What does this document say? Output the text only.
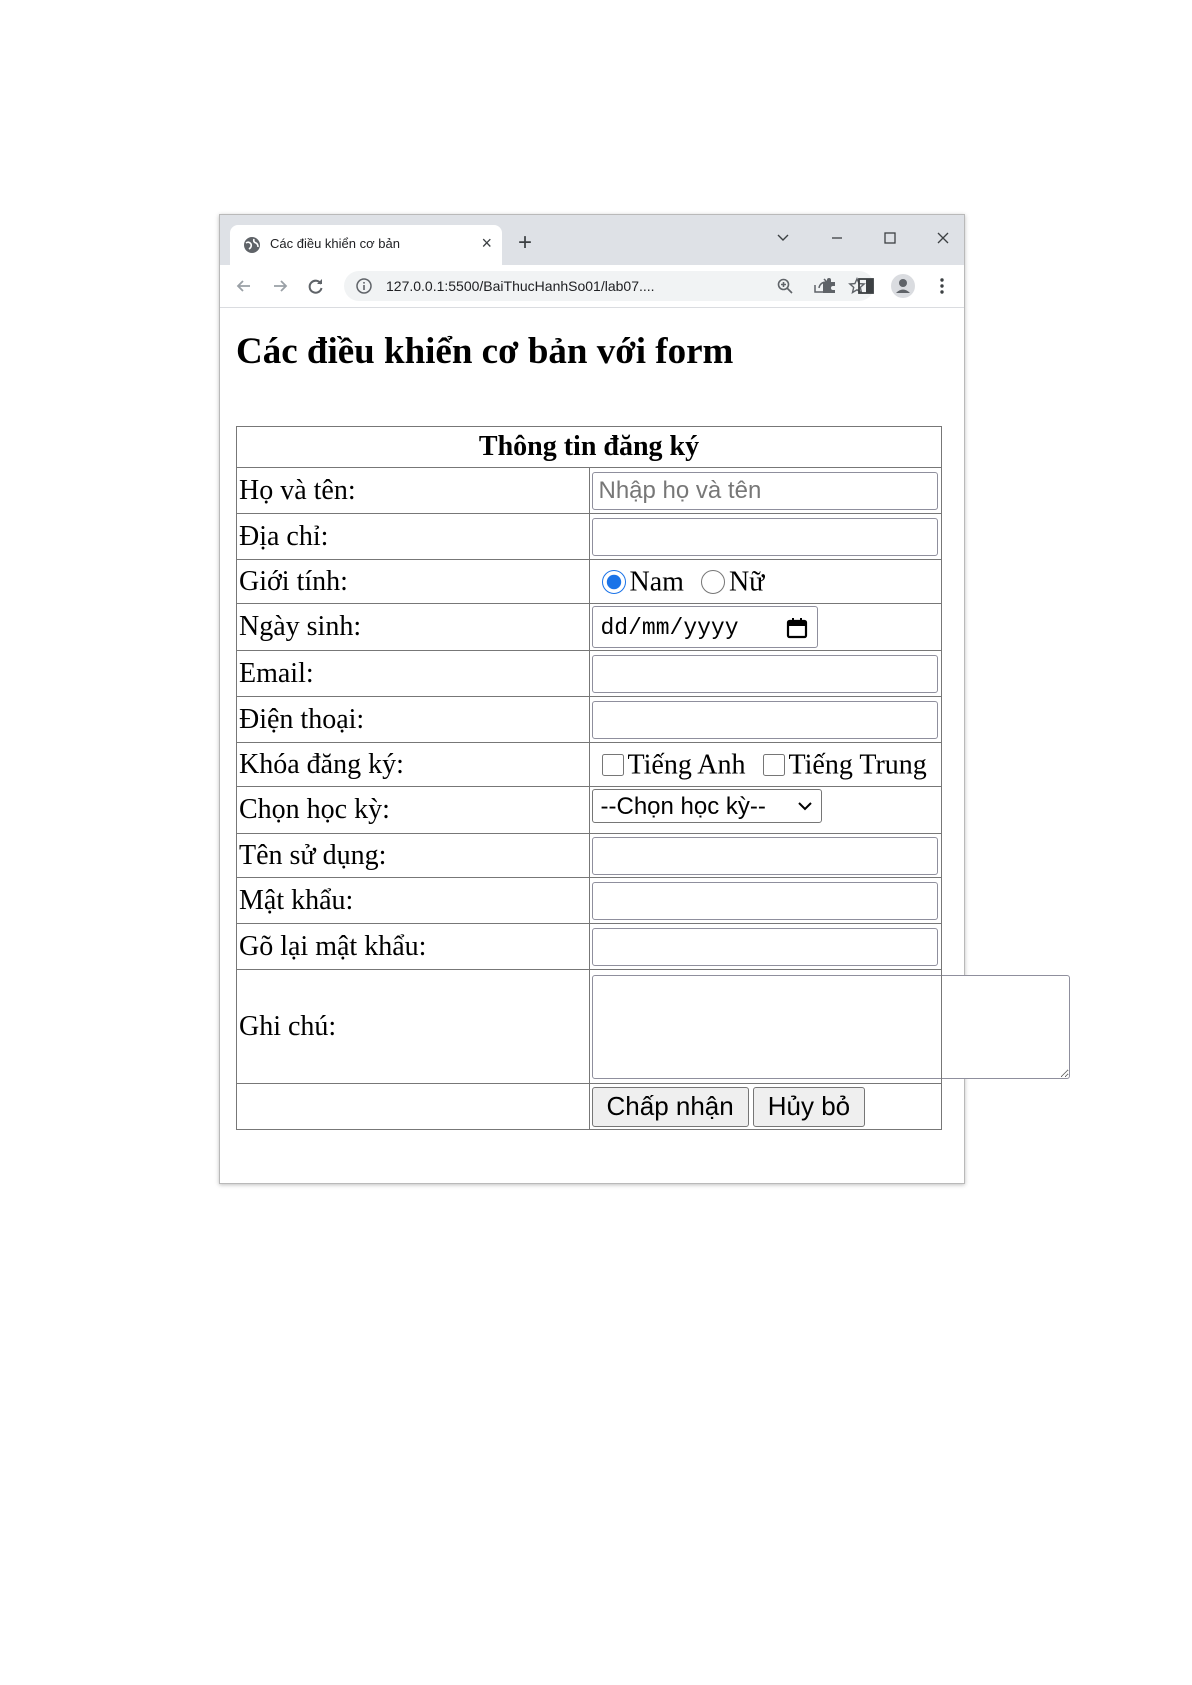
Các điều khiển cơ bản	× +
127.0.0.1:5500/BaiThucHanhSo01/lab07....
Các điều khiển cơ bản với form
Thông tin đăng ký	
Họ và tên:	
Nhập họ và tên
Địa chỉ:	

Giới tính:	Nam Nữ
Ngày sinh:	dd/mm/yyyy

Email:	

Điện thoại:	

Khóa đăng ký:	Tiếng Anh Tiếng Trung
Chọn học kỳ:	--Chọn học kỳ--

Tên sử dụng:	

Mật khẩu:	

Gõ lại mật khẩu:	

Ghi chú:	

	Chấp nhận Hủy bỏ
